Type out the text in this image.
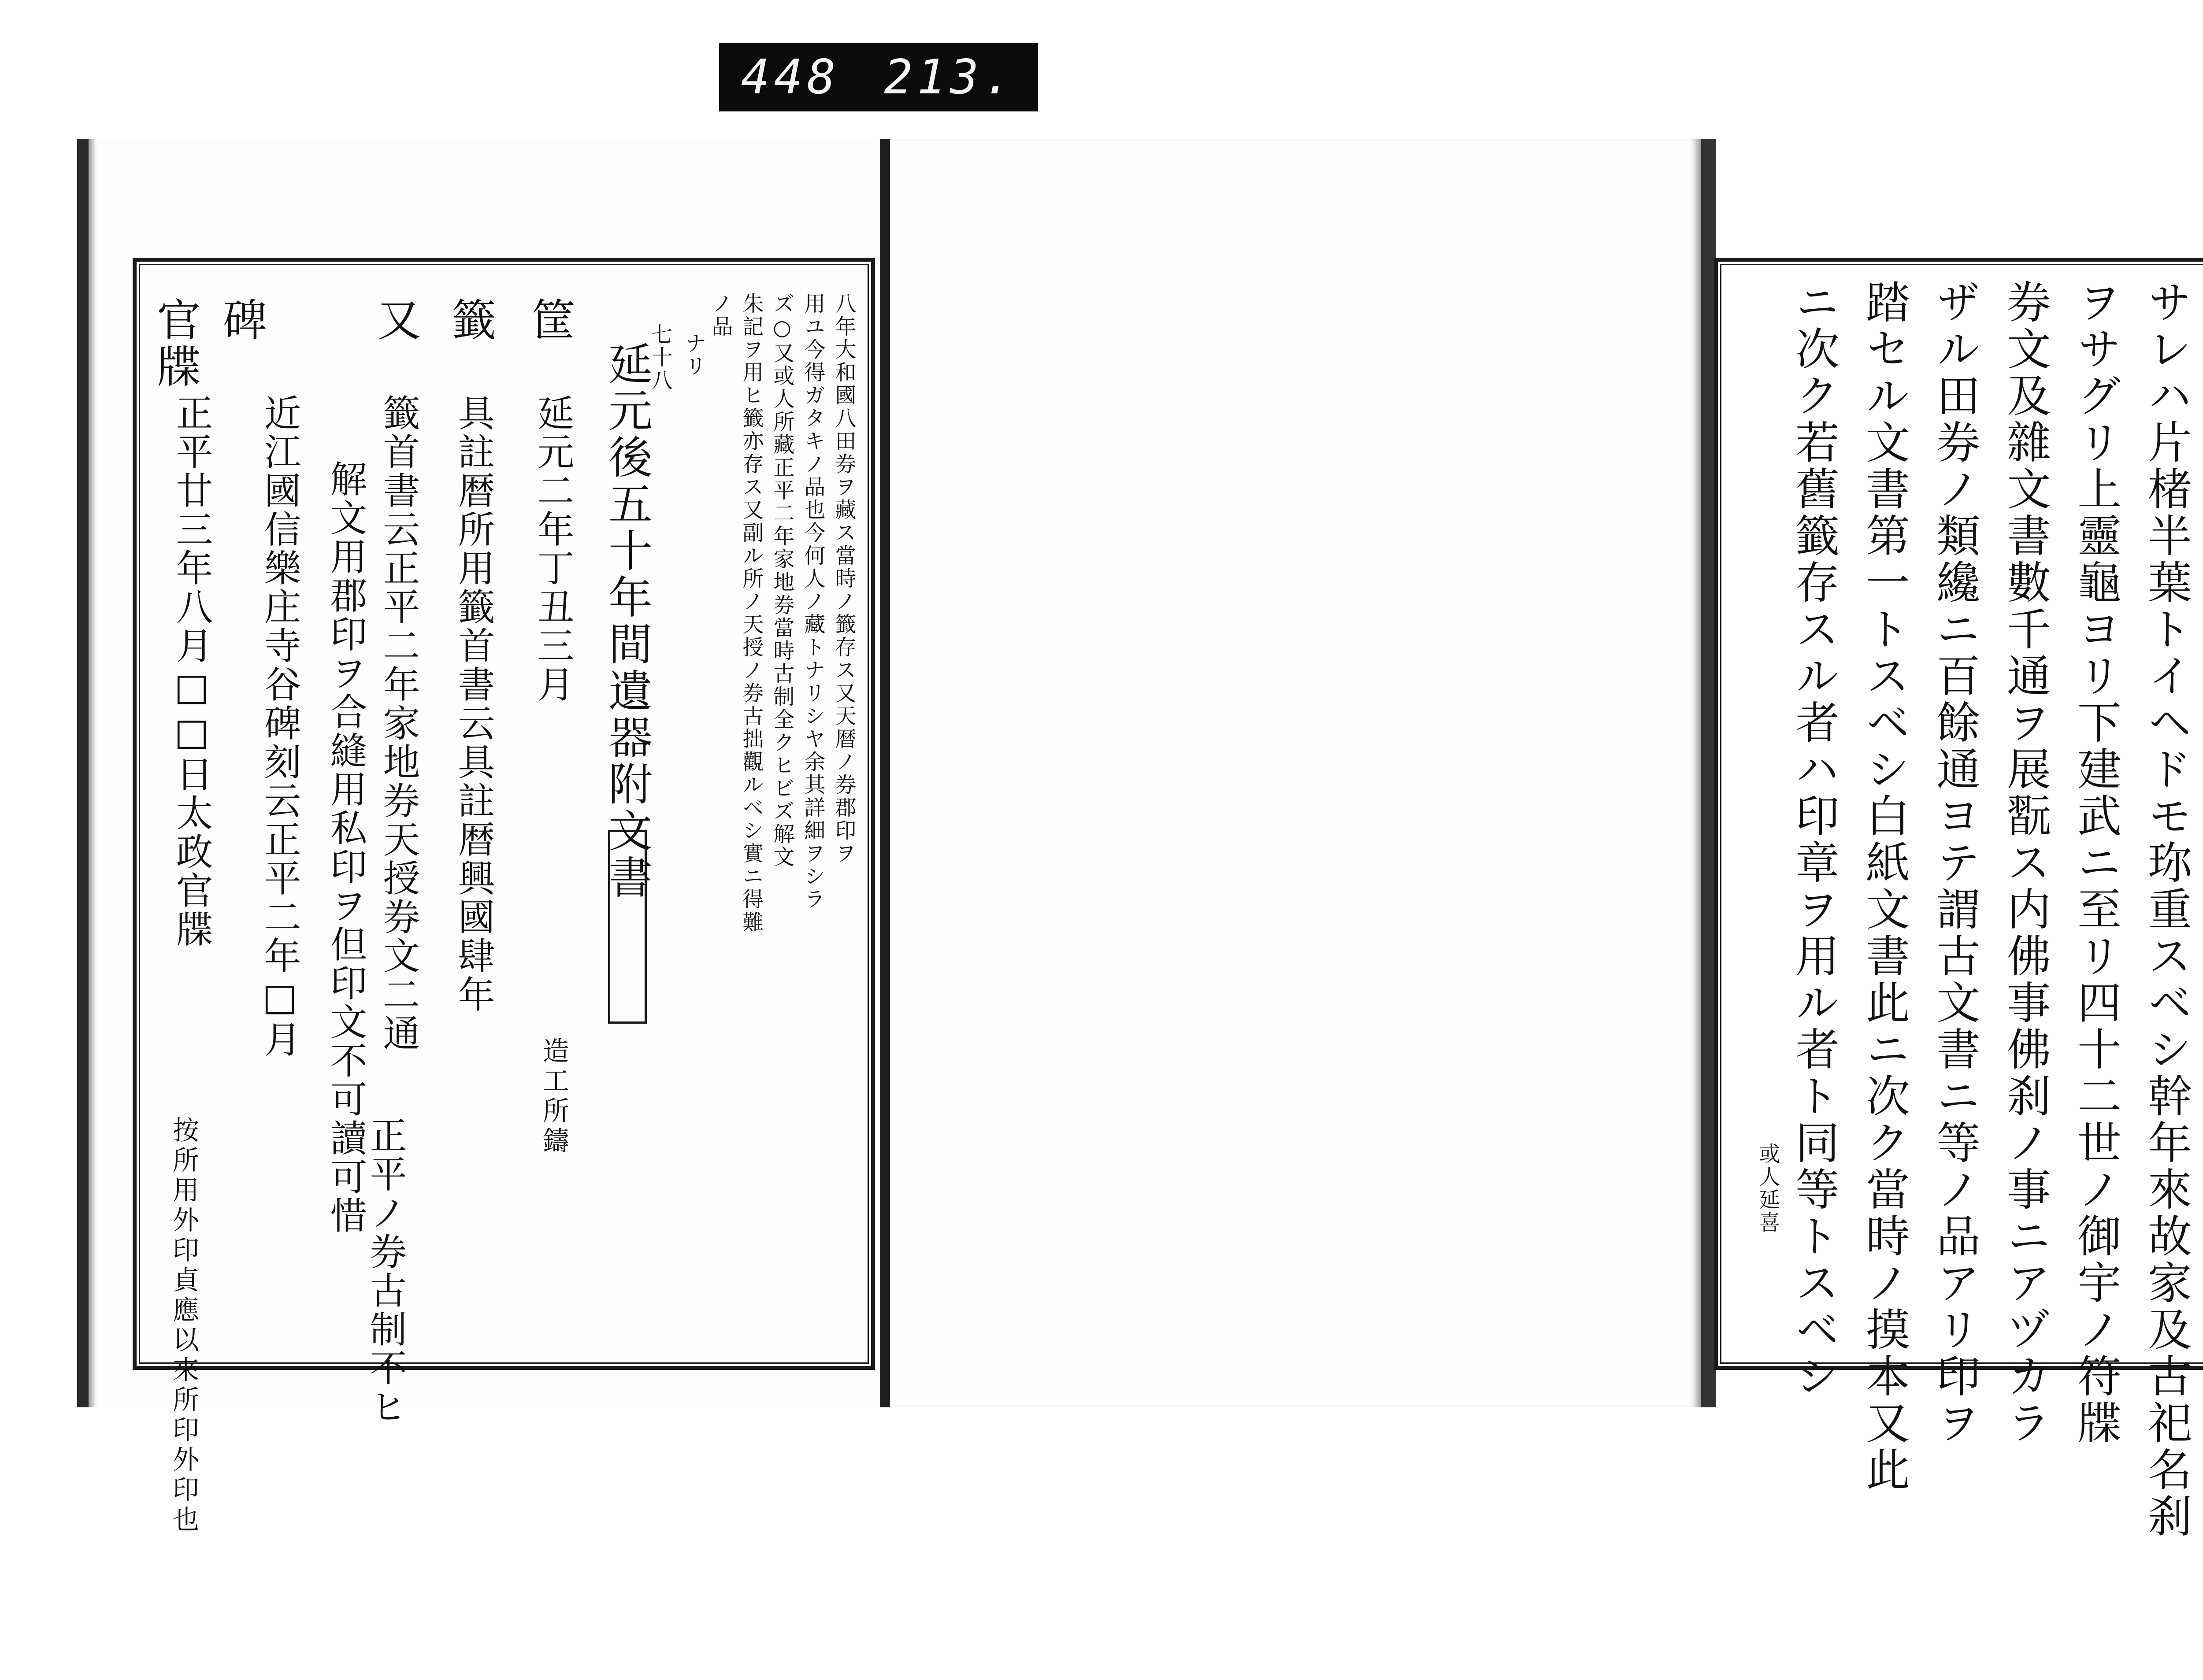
448 213.
八年大和國八田券ヲ藏ス當時ノ籤存ス又天暦ノ券郡印ヲ
用ユ今得ガタキノ品也今何人ノ藏トナリシヤ余其詳細ヲシラ
ズ○又或人所藏正平二年家地券當時古制全クヒビズ解文
朱記ヲ用ヒ籤亦存ス又副ル所ノ天授ノ券古拙觀ルベシ實ニ得難
ノ品
ナリ
七十八
延元後五十年間遺器附文書
筐
延元二年丁丑三月
造工所鑄
籤
具註暦所用籤首書云具註暦興國肆年
又
籤首書云正平二年家地券天授券文二通
正平ノ券古制不ヒ
解文用郡印ヲ合縫用私印ヲ但印文不可讀可惜
碑
近江國信樂庄寺谷碑刻云正平二年□月
官牒
正平廿三年八月□□日太政官牒
按所用外印貞應以來所印外印也	サレハ片楮半葉トイヘドモ珎重スベシ幹年來故家及古祀名刹
ヲサグリ上靈龜ヨリ下建武ニ至リ四十二世ノ御宇ノ符牒
券文及雜文書數千通ヲ展翫ス内佛事佛刹ノ事ニアヅカラ
ザル田券ノ類纔ニ百餘通ヨテ謂古文書ニ等ノ品アリ印ヲ
踏セル文書第一トスベシ白紙文書此ニ次ク當時ノ摸本又此
ニ次ク若舊籤存スル者ハ印章ヲ用ル者ト同等トスベシ
或人延喜
